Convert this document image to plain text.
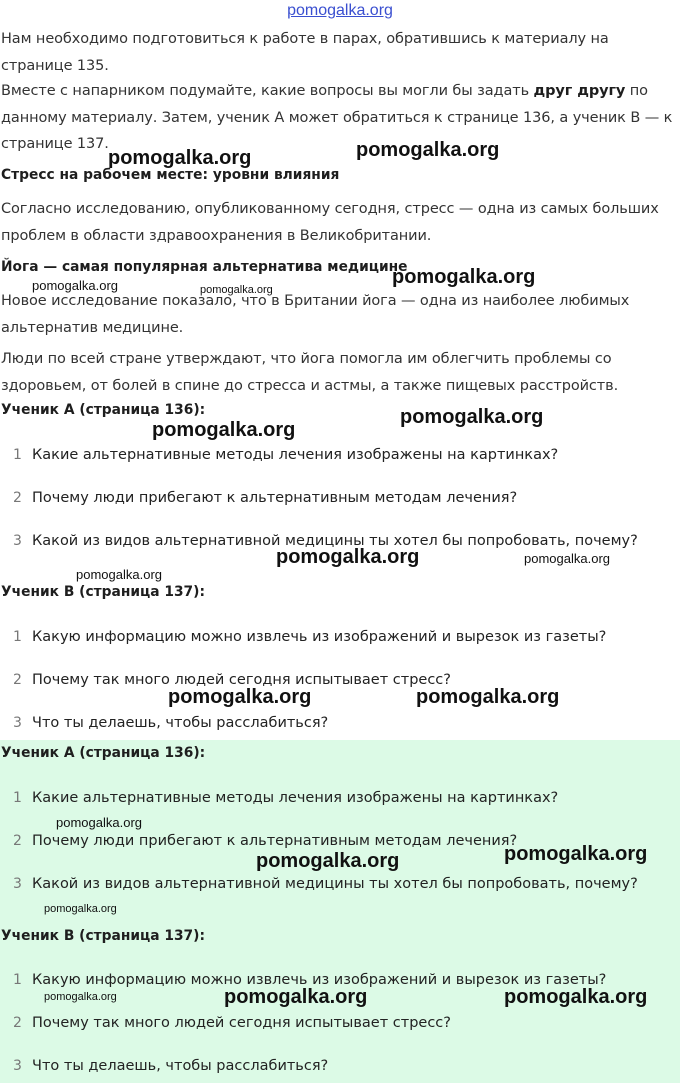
pomogalka.org

Нам необходимо подготовиться к работе в парах, обратившись к материалу на странице 135.

Вместе с напарником подумайте, какие вопросы вы могли бы задать друг другу по данному материалу. Затем, ученик А может обратиться к странице 136, а ученик В — к странице 137.

Стресс на рабочем месте: уровни влияния

Согласно исследованию, опубликованному сегодня, стресс — одна из самых больших проблем в области здравоохранения в Великобритании.

Йога — самая популярная альтернатива медицине

Новое исследование показало, что в Британии йога — одна из наиболее любимых альтернатив медицине.

Люди по всей стране утверждают, что йога помогла им облегчить проблемы со здоровьем, от болей в спине до стресса и астмы, а также пищевых расстройств.

Ученик А (страница 136):
1 Какие альтернативные методы лечения изображены на картинках?
2 Почему люди прибегают к альтернативным методам лечения?
3 Какой из видов альтернативной медицины ты хотел бы попробовать, почему?
Ученик В (страница 137):
1 Какую информацию можно извлечь из изображений и вырезок из газеты?
2 Почему так много людей сегодня испытывает стресс?
3 Что ты делаешь, чтобы расслабиться?
Ученик А (страница 136):
1 Какие альтернативные методы лечения изображены на картинках?
2 Почему люди прибегают к альтернативным методам лечения?
3 Какой из видов альтернативной медицины ты хотел бы попробовать, почему?
Ученик В (страница 137):
1 Какую информацию можно извлечь из изображений и вырезок из газеты?
2 Почему так много людей сегодня испытывает стресс?
3 Что ты делаешь, чтобы расслабиться?
pomogalka.org	pomogalka.org
pomogalka.org	pomogalka.org
pomogalka.org
pomogalka.org
pomogalka.org
pomogalka.org	pomogalka.org
pomogalka.org
pomogalka.org	pomogalka.org
pomogalka.org
pomogalka.org	pomogalka.org
pomogalka.org
pomogalka.org	pomogalka.org	pomogalka.org
